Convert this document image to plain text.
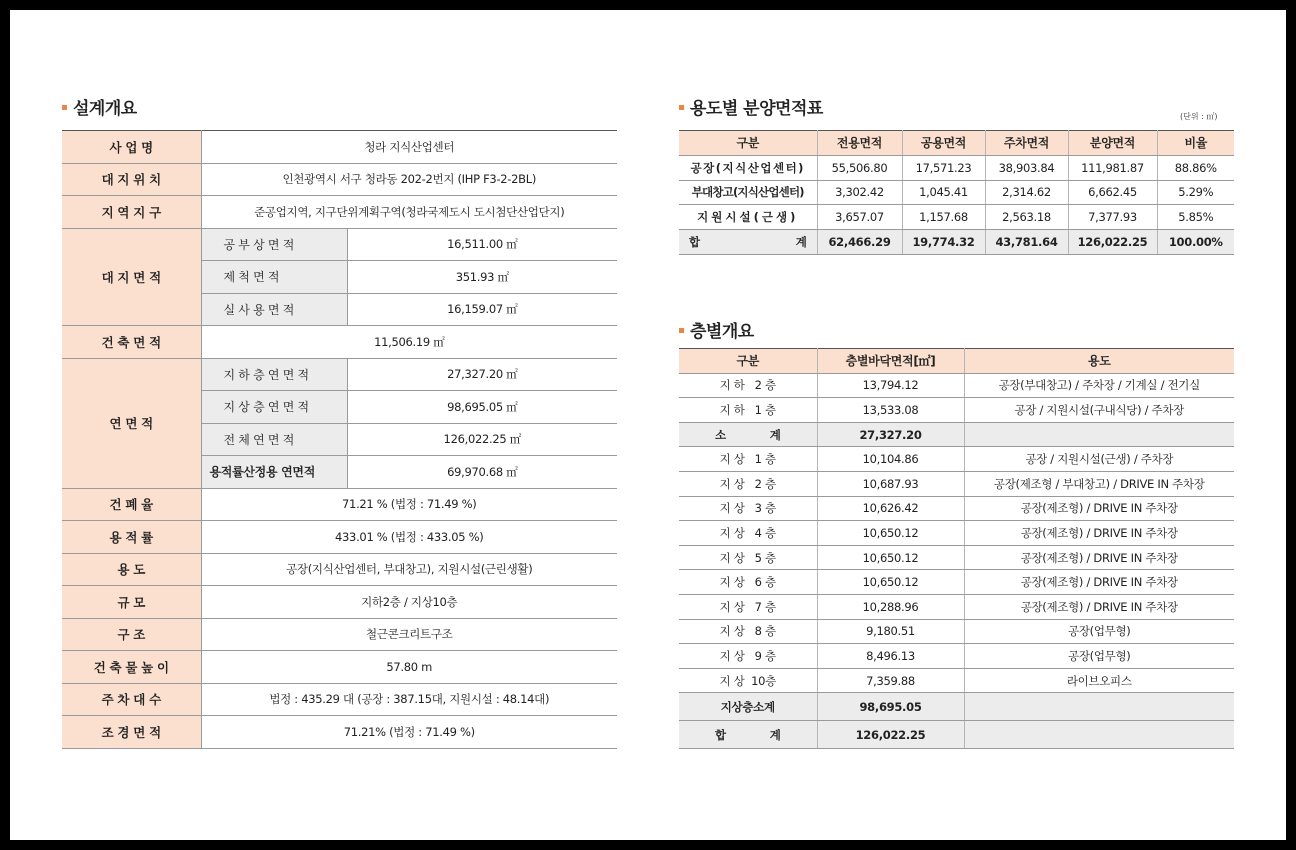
설계개요
사 업 명	청라 지식산업센터	
대 지 위 치	인천광역시 서구 청라동 202-2번지 (IHP F3-2-2BL)	
지 역 지 구	준공업지역, 지구단위계획구역(청라국제도시 도시첨단산업단지)	
대 지 면 적	공 부 상 면 적	16,511.00 ㎡
	제 척 면 적	351.93 ㎡
	실 사 용 면 적	16,159.07 ㎡
건 축 면 적	11,506.19 ㎡	
연 면 적	지 하 층 연 면 적	27,327.20 ㎡
	지 상 층 연 면 적	98,695.05 ㎡
	전 체 연 면 적	126,022.25 ㎡
	용적률산정용 연면적	69,970.68 ㎡
건 폐 율	71.21 % (법정 : 71.49 %)	
용 적 률	433.01 % (법정 : 433.05 %)	
용 도	공장(지식산업센터, 부대창고), 지원시설(근린생활)	
규 모	지하2층 / 지상10층	
구 조	철근콘크리트구조	
건 축 물 높 이	57.80 m	
주 차 대 수	법정 : 435.29 대 (공장 : 387.15대, 지원시설 : 48.14대)	
조 경 면 적	71.21% (법정 : 71.49 %)	
용도별 분양면적표	(단위 : ㎡)
구분	전용면적	공용면적	주차면적	분양면적	비율
공장(지식산업센터)	55,506.80	17,571.23	38,903.84	111,981.87	88.86%
부대창고(지식산업센터)	3,302.42	1,045.41	2,314.62	6,662.45	5.29%
지원시설(근생)	3,657.07	1,157.68	2,563.18	7,377.93	5.85%
합 계	62,466.29	19,774.32	43,781.64	126,022.25	100.00%
층별개요
구분	층별바닥면적[㎡]	용도
지 하   2 층	13,794.12	공장(부대창고) / 주차장 / 기계실 / 전기실
지 하   1 층	13,533.08	공장 / 지원시설(구내식당) / 주차장
소 계	27,327.20	
지 상   1 층	10,104.86	공장 / 지원시설(근생) / 주차장
지 상   2 층	10,687.93	공장(제조형 / 부대창고) / DRIVE IN 주차장
지 상   3 층	10,626.42	공장(제조형) / DRIVE IN 주차장
지 상   4 층	10,650.12	공장(제조형) / DRIVE IN 주차장
지 상   5 층	10,650.12	공장(제조형) / DRIVE IN 주차장
지 상   6 층	10,650.12	공장(제조형) / DRIVE IN 주차장
지 상   7 층	10,288.96	공장(제조형) / DRIVE IN 주차장
지 상   8 층	9,180.51	공장(업무형)
지 상   9 층	8,496.13	공장(업무형)
지 상  10층	7,359.88	라이브오피스
지상층소계	98,695.05	
합 계	126,022.25	
